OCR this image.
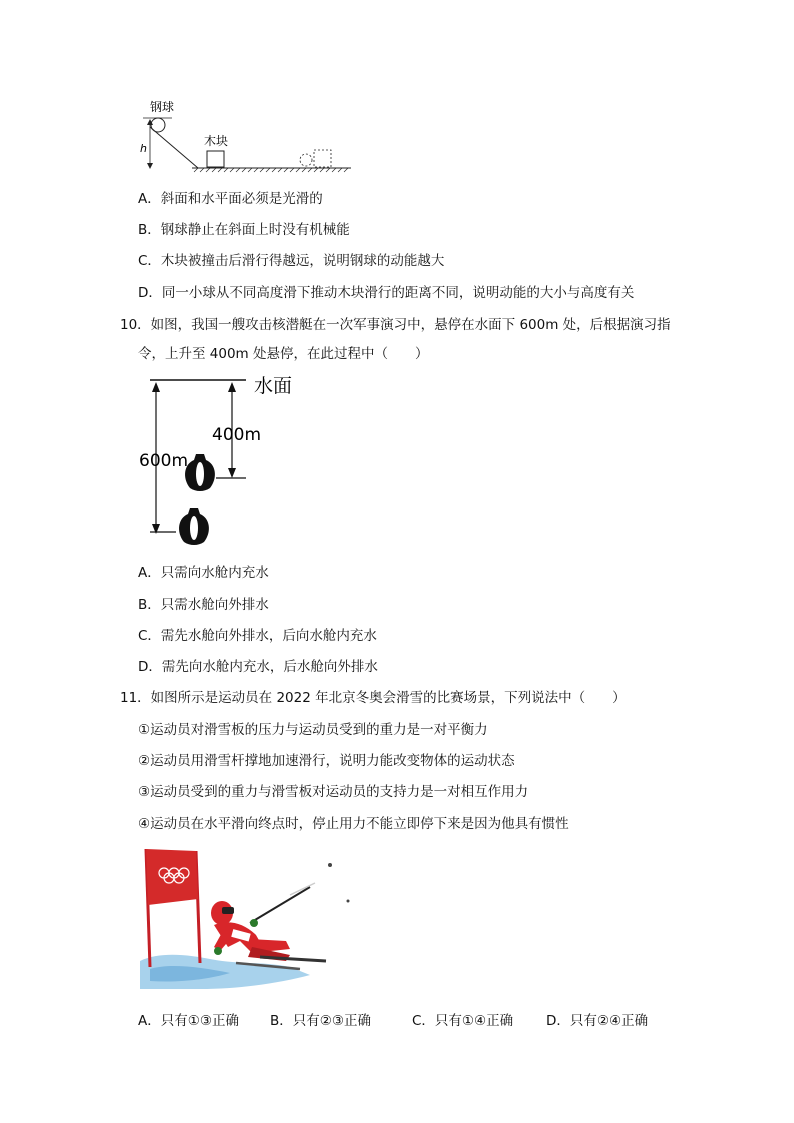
钢球
h
木块
A．斜面和水平面必须是光滑的
B．钢球静止在斜面上时没有机械能
C．木块被撞击后滑行得越远，说明钢球的动能越大
D．同一小球从不同高度滑下推动木块滑行的距离不同，说明动能的大小与高度有关
10．如图，我国一艘攻击核潜艇在一次军事演习中，悬停在水面下 600m 处，后根据演习指
令，上升至 400m 处悬停，在此过程中（　　）
水面
600m
400m
A．只需向水舱内充水
B．只需水舱向外排水
C．需先水舱向外排水，后向水舱内充水
D．需先向水舱内充水，后水舱向外排水
11．如图所示是运动员在 2022 年北京冬奥会滑雪的比赛场景，下列说法中（　　）
①运动员对滑雪板的压力与运动员受到的重力是一对平衡力
②运动员用滑雪杆撑地加速滑行，说明力能改变物体的运动状态
③运动员受到的重力与滑雪板对运动员的支持力是一对相互作用力
④运动员在水平滑向终点时，停止用力不能立即停下来是因为他具有惯性
A．只有①③正确 B．只有②③正确	C．只有①④正确 D．只有②④正确
